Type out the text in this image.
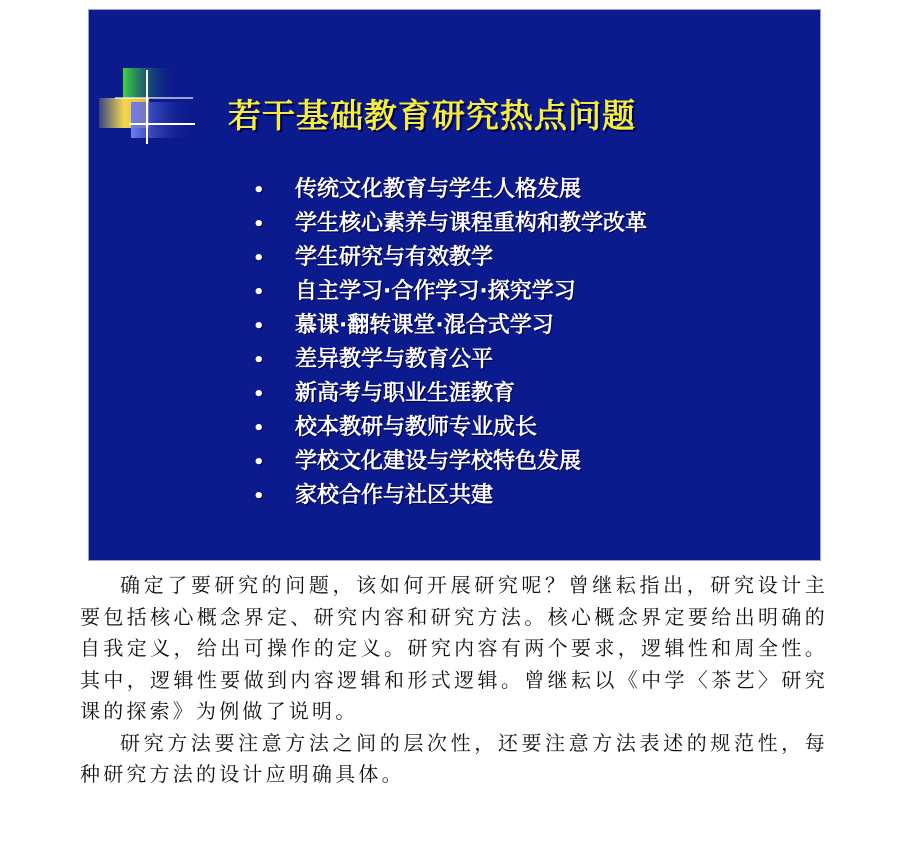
若干基础教育研究热点问题
• 传统文化教育与学生人格发展
• 学生核心素养与课程重构和教学改革
• 学生研究与有效教学
• 自主学习·合作学习·探究学习
• 慕课·翻转课堂·混合式学习
• 差异教学与教育公平
• 新高考与职业生涯教育
• 校本教研与教师专业成长
• 学校文化建设与学校特色发展
• 家校合作与社区共建

确定了要研究的问题，该如何开展研究呢？曾继耘指出，研究设计主要包括核心概念界定、研究内容和研究方法。核心概念界定要给出明确的自我定义，给出可操作的定义。研究内容有两个要求，逻辑性和周全性。其中，逻辑性要做到内容逻辑和形式逻辑。曾继耘以《中学〈茶艺〉研究课的探索》为例做了说明。

研究方法要注意方法之间的层次性，还要注意方法表述的规范性，每种研究方法的设计应明确具体。
